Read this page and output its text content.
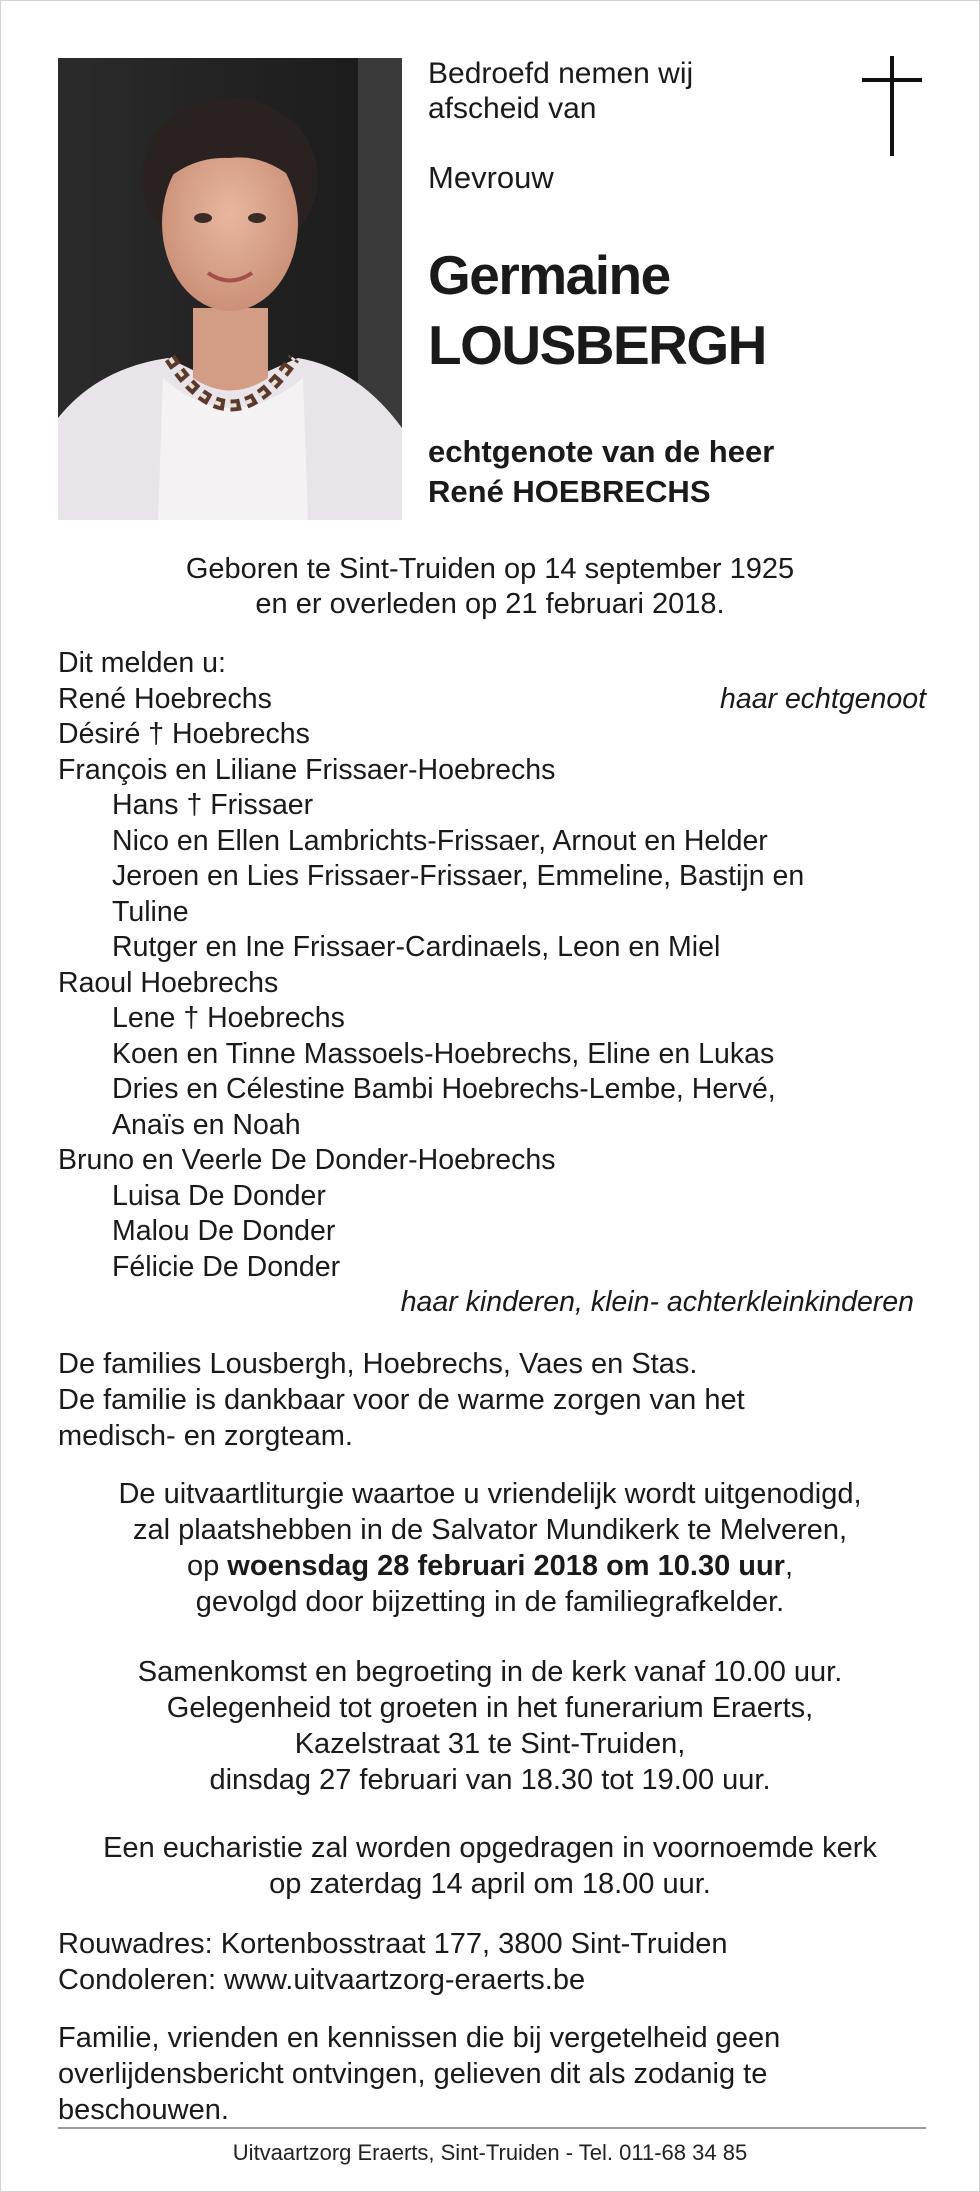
Bedroefd nemen wij
afscheid van
Mevrouw
Germaine
LOUSBERGH
echtgenote van de heer
René HOEBRECHS
Geboren te Sint-Truiden op 14 september 1925
en er overleden op 21 februari 2018.
Dit melden u:
René Hoebrechs	haar echtgenoot
Désiré † Hoebrechs
François en Liliane Frissaer-Hoebrechs
Hans † Frissaer
Nico en Ellen Lambrichts-Frissaer, Arnout en Helder
Jeroen en Lies Frissaer-Frissaer, Emmeline, Bastijn en
Tuline
Rutger en Ine Frissaer-Cardinaels, Leon en Miel
Raoul Hoebrechs
Lene † Hoebrechs
Koen en Tinne Massoels-Hoebrechs, Eline en Lukas
Dries en Célestine Bambi Hoebrechs-Lembe, Hervé,
Anaïs en Noah
Bruno en Veerle De Donder-Hoebrechs
Luisa De Donder
Malou De Donder
Félicie De Donder
haar kinderen, klein- achterkleinkinderen
De families Lousbergh, Hoebrechs, Vaes en Stas.
De familie is dankbaar voor de warme zorgen van het
medisch- en zorgteam.
De uitvaartliturgie waartoe u vriendelijk wordt uitgenodigd,
zal plaatshebben in de Salvator Mundikerk te Melveren,
op woensdag 28 februari 2018 om 10.30 uur,
gevolgd door bijzetting in de familiegrafkelder.
Samenkomst en begroeting in de kerk vanaf 10.00 uur.
Gelegenheid tot groeten in het funerarium Eraerts,
Kazelstraat 31 te Sint-Truiden,
dinsdag 27 februari van 18.30 tot 19.00 uur.
Een eucharistie zal worden opgedragen in voornoemde kerk
op zaterdag 14 april om 18.00 uur.
Rouwadres: Kortenbosstraat 177, 3800 Sint-Truiden
Condoleren: www.uitvaartzorg-eraerts.be
Familie, vrienden en kennissen die bij vergetelheid geen
overlijdensbericht ontvingen, gelieven dit als zodanig te
beschouwen.
Uitvaartzorg Eraerts, Sint-Truiden - Tel. 011-68 34 85
